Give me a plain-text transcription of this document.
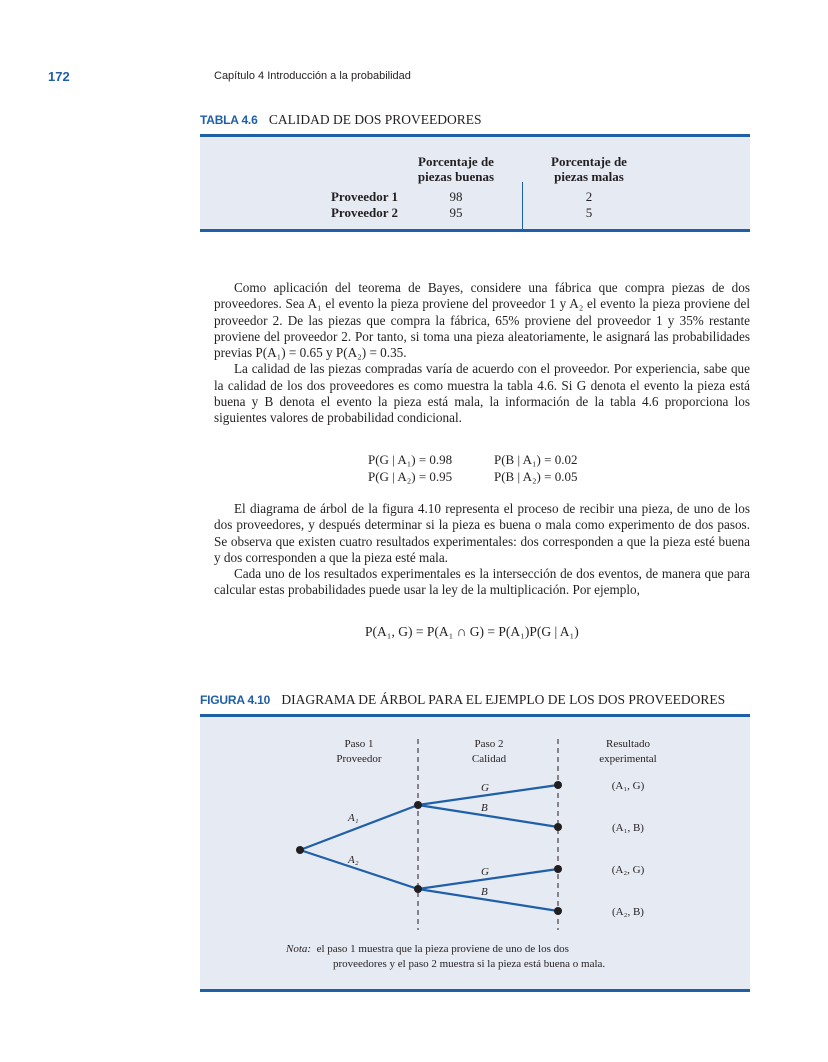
172	Capítulo 4 Introducción a la probabilidad
TABLA 4.6 CALIDAD DE DOS PROVEEDORES
Porcentaje de
piezas buenas
Porcentaje de
piezas malas
Proveedor 1	98	2
Proveedor 2	95	5

Como aplicación del teorema de Bayes, considere una fábrica que compra piezas de dos proveedores. Sea A₁ el evento la pieza proviene del proveedor 1 y A₂ el evento la pieza proviene del proveedor 2. De las piezas que compra la fábrica, 65% proviene del proveedor 1 y 35% restante proviene del proveedor 2. Por tanto, si toma una pieza aleatoriamente, le asignará las probabilidades previas P(A₁) = 0.65 y P(A₂) = 0.35.

La calidad de las piezas compradas varía de acuerdo con el proveedor. Por experiencia, sabe que la calidad de los dos proveedores es como muestra la tabla 4.6. Si G denota el evento la pieza está buena y B denota el evento la pieza está mala, la información de la tabla 4.6 proporciona los siguientes valores de probabilidad condicional.

P(G | A₁) = 0.98	P(B | A₁) = 0.02
P(G | A₂) = 0.95	P(B | A₂) = 0.05

El diagrama de árbol de la figura 4.10 representa el proceso de recibir una pieza, de uno de los dos proveedores, y después determinar si la pieza es buena o mala como experimento de dos pasos. Se observa que existen cuatro resultados experimentales: dos corresponden a que la pieza esté buena y dos corresponden a que la pieza esté mala.

Cada uno de los resultados experimentales es la intersección de dos eventos, de manera que para calcular estas probabilidades puede usar la ley de la multiplicación. Por ejemplo,

P(A₁, G) = P(A₁ ∩ G) = P(A₁)P(G | A₁)
FIGURA 4.10 DIAGRAMA DE ÁRBOL PARA EL EJEMPLO DE LOS DOS PROVEEDORES
Paso 1
Proveedor
Paso 2
Calidad
Resultado
experimental
A₁
A₂
G
B
G
B
(A₁, G)
(A₁, B)
(A₂, G)
(A₂, B)
Nota: el paso 1 muestra que la pieza proviene de uno de los dos
proveedores y el paso 2 muestra si la pieza está buena o mala.
